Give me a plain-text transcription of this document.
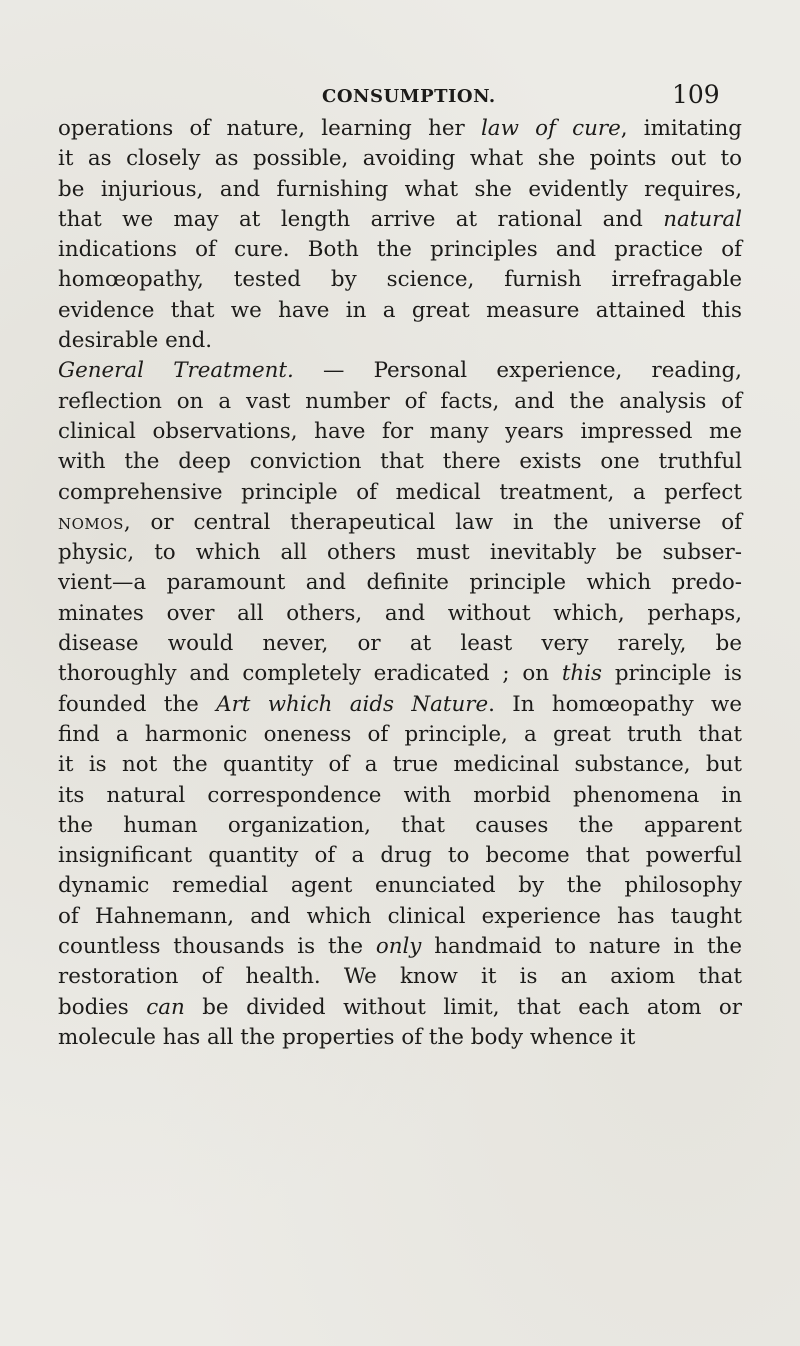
CONSUMPTION.	109
operations of nature, learning her law of cure, imitating
it as closely as possible, avoiding what she points out to
be injurious, and furnishing what she evidently requires,
that we may at length arrive at rational and natural
indications of cure. Both the principles and practice of
homœopathy, tested by science, furnish irrefragable
evidence that we have in a great measure attained this
desirable end.
General Treatment. — Personal experience, reading,
reflection on a vast number of facts, and the analysis of
clinical observations, have for many years impressed me
with the deep conviction that there exists one truthful
comprehensive principle of medical treatment, a perfect
nomos, or central therapeutical law in the universe of
physic, to which all others must inevitably be subser-
vient—a paramount and definite principle which predo-
minates over all others, and without which, perhaps,
disease would never, or at least very rarely, be
thoroughly and completely eradicated ; on this principle is
founded the Art which aids Nature. In homœopathy we
find a harmonic oneness of principle, a great truth that
it is not the quantity of a true medicinal substance, but
its natural correspondence with morbid phenomena in
the human organization, that causes the apparent
insignificant quantity of a drug to become that powerful
dynamic remedial agent enunciated by the philosophy
of Hahnemann, and which clinical experience has taught
countless thousands is the only handmaid to nature in the
restoration of health. We know it is an axiom that
bodies can be divided without limit, that each atom or
molecule has all the properties of the body whence it
